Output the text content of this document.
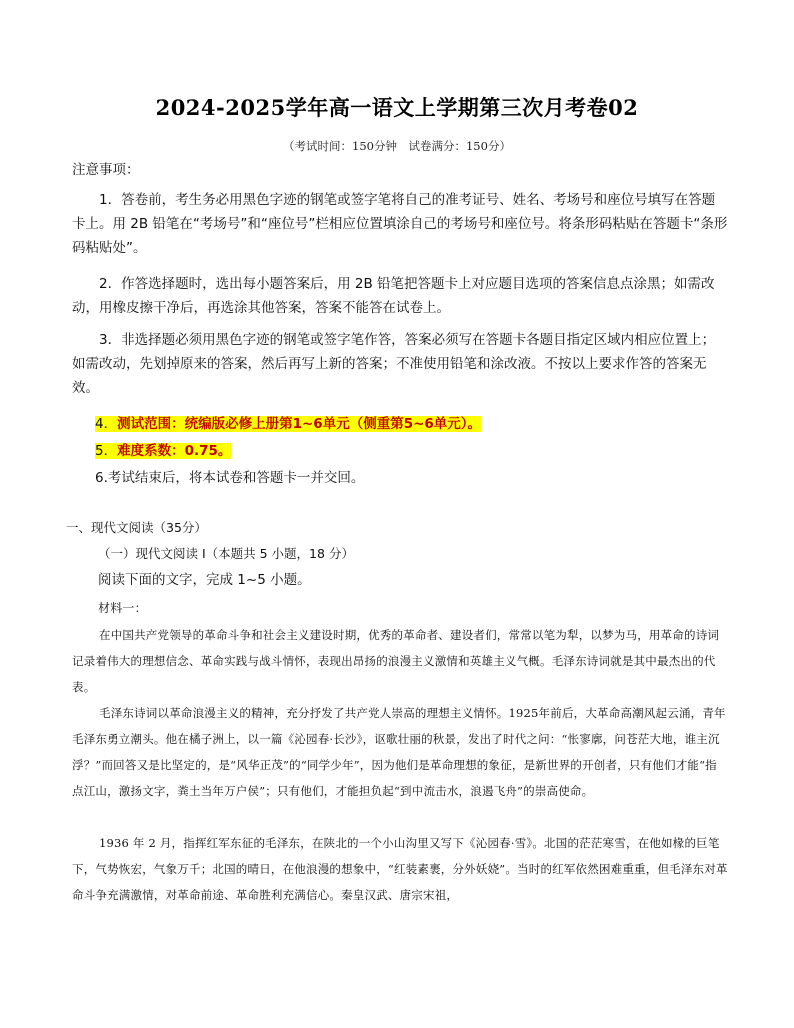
2024-2025学年高一语文上学期第三次月考卷02
（考试时间：150分钟　试卷满分：150分）
注意事项：
1．答卷前，考生务必用黑色字迹的钢笔或签字笔将自己的准考证号、姓名、考场号和座位号填写在答题卡上。用 2B 铅笔在“考场号”和“座位号”栏相应位置填涂自己的考场号和座位号。将条形码粘贴在答题卡“条形码粘贴处”。
2．作答选择题时，选出每小题答案后，用 2B 铅笔把答题卡上对应题目选项的答案信息点涂黑；如需改动，用橡皮擦干净后，再选涂其他答案，答案不能答在试卷上。
3．非选择题必须用黑色字迹的钢笔或签字笔作答，答案必须写在答题卡各题目指定区域内相应位置上；如需改动，先划掉原来的答案，然后再写上新的答案；不准使用铅笔和涂改液。不按以上要求作答的答案无效。
4．测试范围：统编版必修上册第1~6单元（侧重第5~6单元）。
5．难度系数：0.75。
6.考试结束后，将本试卷和答题卡一并交回。
一、现代文阅读（35分）
（一）现代文阅读 I（本题共 5 小题，18 分）
阅读下面的文字，完成 1~5 小题。
材料一：
在中国共产党领导的革命斗争和社会主义建设时期，优秀的革命者、建设者们，常常以笔为犁，以梦为马，用革命的诗词记录着伟大的理想信念、革命实践与战斗情怀，表现出昂扬的浪漫主义激情和英雄主义气概。毛泽东诗词就是其中最杰出的代表。
毛泽东诗词以革命浪漫主义的精神，充分抒发了共产党人崇高的理想主义情怀。1925年前后，大革命高潮风起云涌，青年毛泽东勇立潮头。他在橘子洲上，以一篇《沁园春·长沙》，讴歌壮丽的秋景，发出了时代之问：“怅寥廓，问苍茫大地，谁主沉浮？”而回答又是比坚定的，是“风华正茂”的“同学少年”，因为他们是革命理想的象征，是新世界的开创者，只有他们才能“指点江山，激扬文字，粪土当年万户侯”；只有他们，才能担负起“到中流击水，浪遏飞舟”的崇高使命。
1936 年 2 月，指挥红军东征的毛泽东，在陕北的一个小山沟里又写下《沁园春·雪》。北国的茫茫寒雪，在他如椽的巨笔下，气势恢宏，气象万千；北国的晴日，在他浪漫的想象中，“红装素裹，分外妖娆”。当时的红军依然困难重重，但毛泽东对革命斗争充满激情，对革命前途、革命胜利充满信心。秦皇汉武、唐宗宋祖，
